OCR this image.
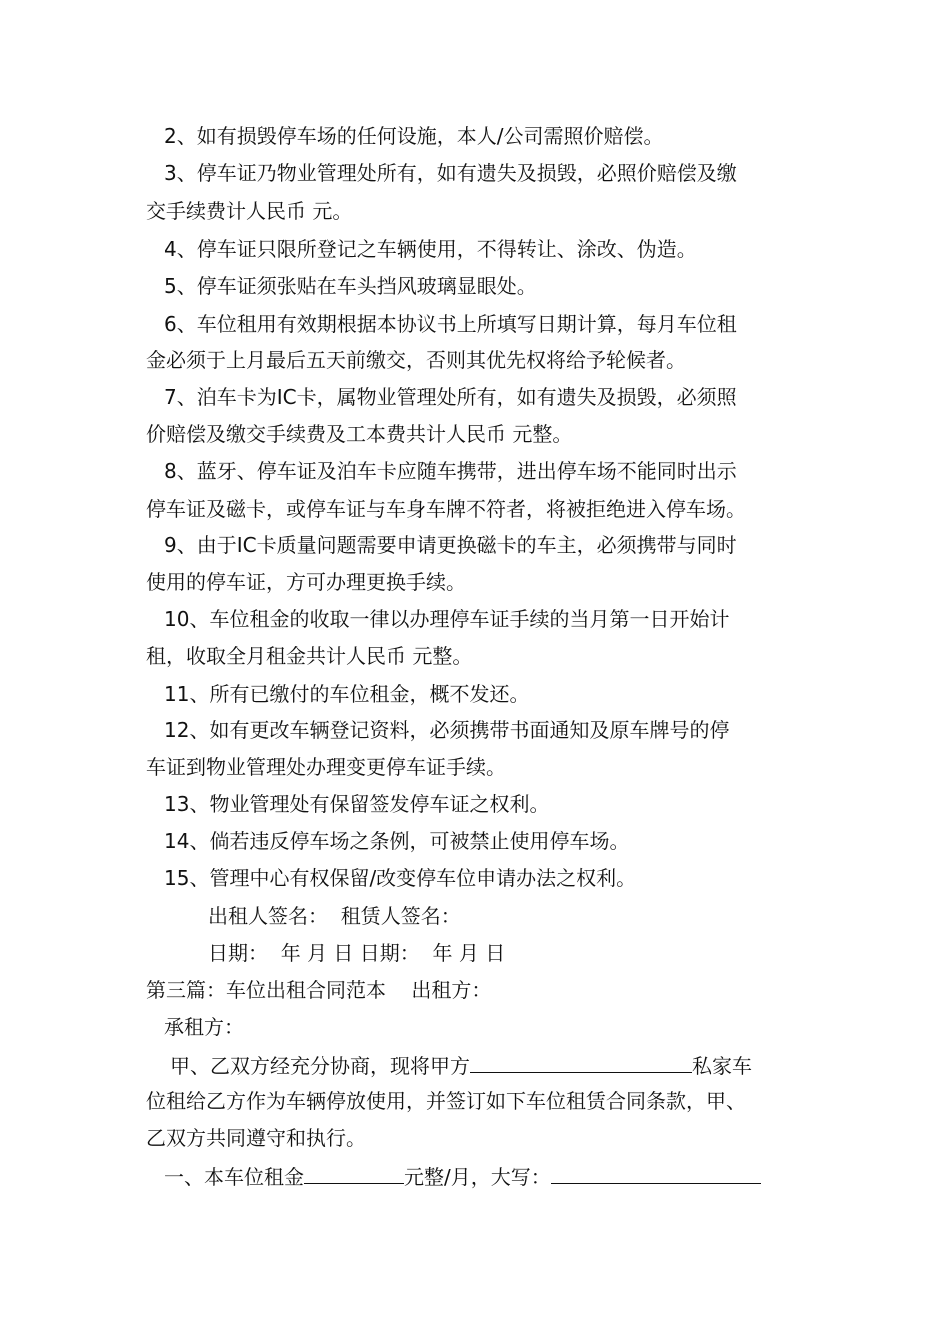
2、如有损毁停车场的任何设施，本人/公司需照价赔偿。
3、停车证乃物业管理处所有，如有遗失及损毁，必照价赔偿及缴
交手续费计人民币 元。
4、停车证只限所登记之车辆使用，不得转让、涂改、伪造。
5、停车证须张贴在车头挡风玻璃显眼处。
6、车位租用有效期根据本协议书上所填写日期计算，每月车位租
金必须于上月最后五天前缴交，否则其优先权将给予轮候者。
7、泊车卡为IC卡，属物业管理处所有，如有遗失及损毁，必须照
价赔偿及缴交手续费及工本费共计人民币 元整。
8、蓝牙、停车证及泊车卡应随车携带，进出停车场不能同时出示
停车证及磁卡，或停车证与车身车牌不符者，将被拒绝进入停车场。
9、由于IC卡质量问题需要申请更换磁卡的车主，必须携带与同时
使用的停车证，方可办理更换手续。
10、车位租金的收取一律以办理停车证手续的当月第一日开始计
租，收取全月租金共计人民币 元整。
11、所有已缴付的车位租金，概不发还。
12、如有更改车辆登记资料，必须携带书面通知及原车牌号的停
车证到物业管理处办理变更停车证手续。
13、物业管理处有保留签发停车证之权利。
14、倘若违反停车场之条例，可被禁止使用停车场。
15、管理中心有权保留/改变停车位申请办法之权利。
出租人签名：  租赁人签名：
日期：  年 月 日 日期：  年 月 日
第三篇：车位出租合同范本    出租方：
承租方：
甲、乙双方经充分协商，现将甲方	私家车
位租给乙方作为车辆停放使用，并签订如下车位租赁合同条款，甲、
乙双方共同遵守和执行。
一、本车位租金	元整/月，大写：
